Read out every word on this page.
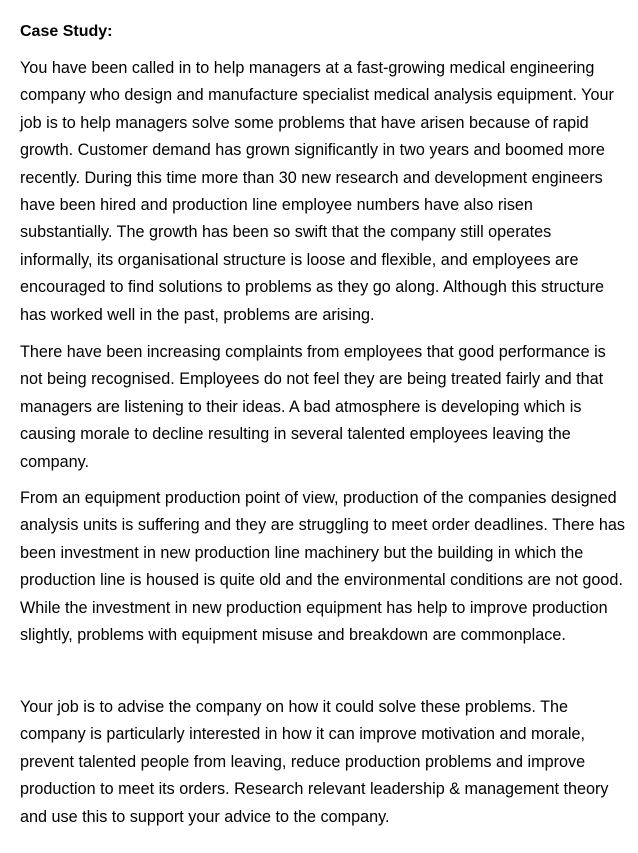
Case Study:

You have been called in to help managers at a fast-growing medical engineering
company who design and manufacture specialist medical analysis equipment. Your
job is to help managers solve some problems that have arisen because of rapid
growth. Customer demand has grown significantly in two years and boomed more
recently. During this time more than 30 new research and development engineers
have been hired and production line employee numbers have also risen
substantially. The growth has been so swift that the company still operates
informally, its organisational structure is loose and flexible, and employees are
encouraged to find solutions to problems as they go along. Although this structure
has worked well in the past, problems are arising.

There have been increasing complaints from employees that good performance is
not being recognised. Employees do not feel they are being treated fairly and that
managers are listening to their ideas. A bad atmosphere is developing which is
causing morale to decline resulting in several talented employees leaving the
company.

From an equipment production point of view, production of the companies designed
analysis units is suffering and they are struggling to meet order deadlines. There has
been investment in new production line machinery but the building in which the
production line is housed is quite old and the environmental conditions are not good.
While the investment in new production equipment has help to improve production
slightly, problems with equipment misuse and breakdown are commonplace.

Your job is to advise the company on how it could solve these problems. The
company is particularly interested in how it can improve motivation and morale,
prevent talented people from leaving, reduce production problems and improve
production to meet its orders. Research relevant leadership & management theory
and use this to support your advice to the company.
